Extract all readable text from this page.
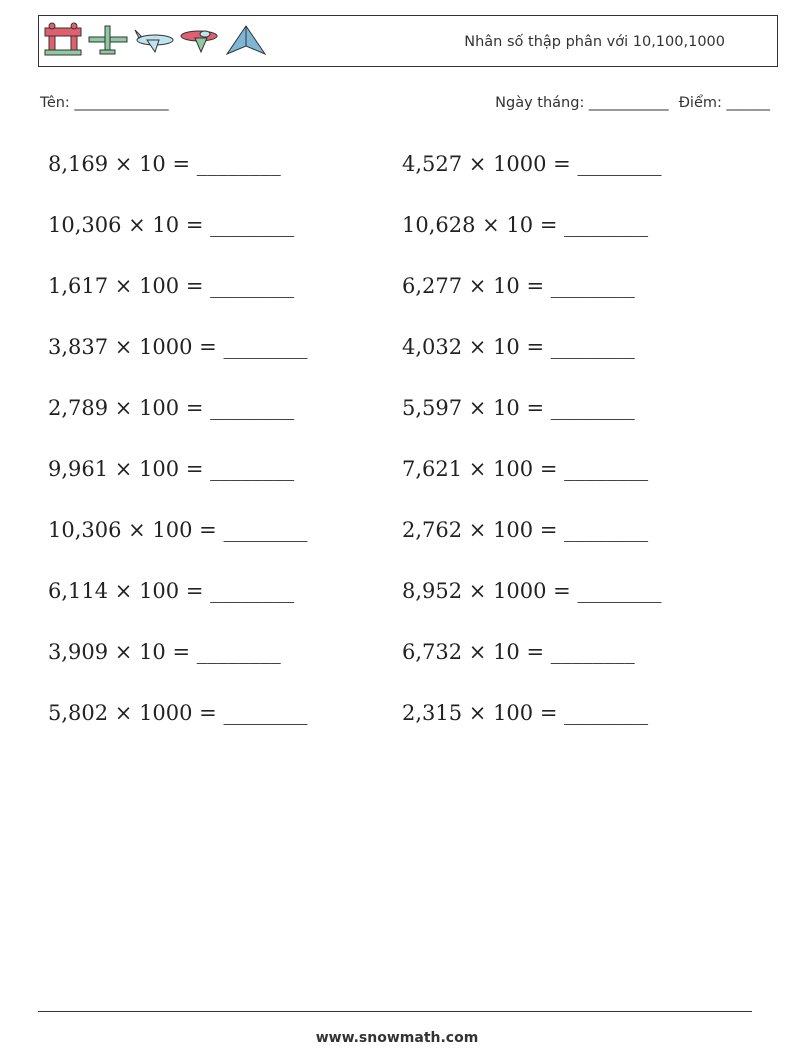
Nhân số thập phân với 10,100,1000
Tên: _____________	Ngày tháng: ___________ Điểm: ______
8,169 × 10 = ________	4,527 × 1000 = ________
10,306 × 10 = ________	10,628 × 10 = ________
1,617 × 100 = ________	6,277 × 10 = ________
3,837 × 1000 = ________	4,032 × 10 = ________
2,789 × 100 = ________	5,597 × 10 = ________
9,961 × 100 = ________	7,621 × 100 = ________
10,306 × 100 = ________	2,762 × 100 = ________
6,114 × 100 = ________	8,952 × 1000 = ________
3,909 × 10 = ________	6,732 × 10 = ________
5,802 × 1000 = ________	2,315 × 100 = ________
www.snowmath.com
